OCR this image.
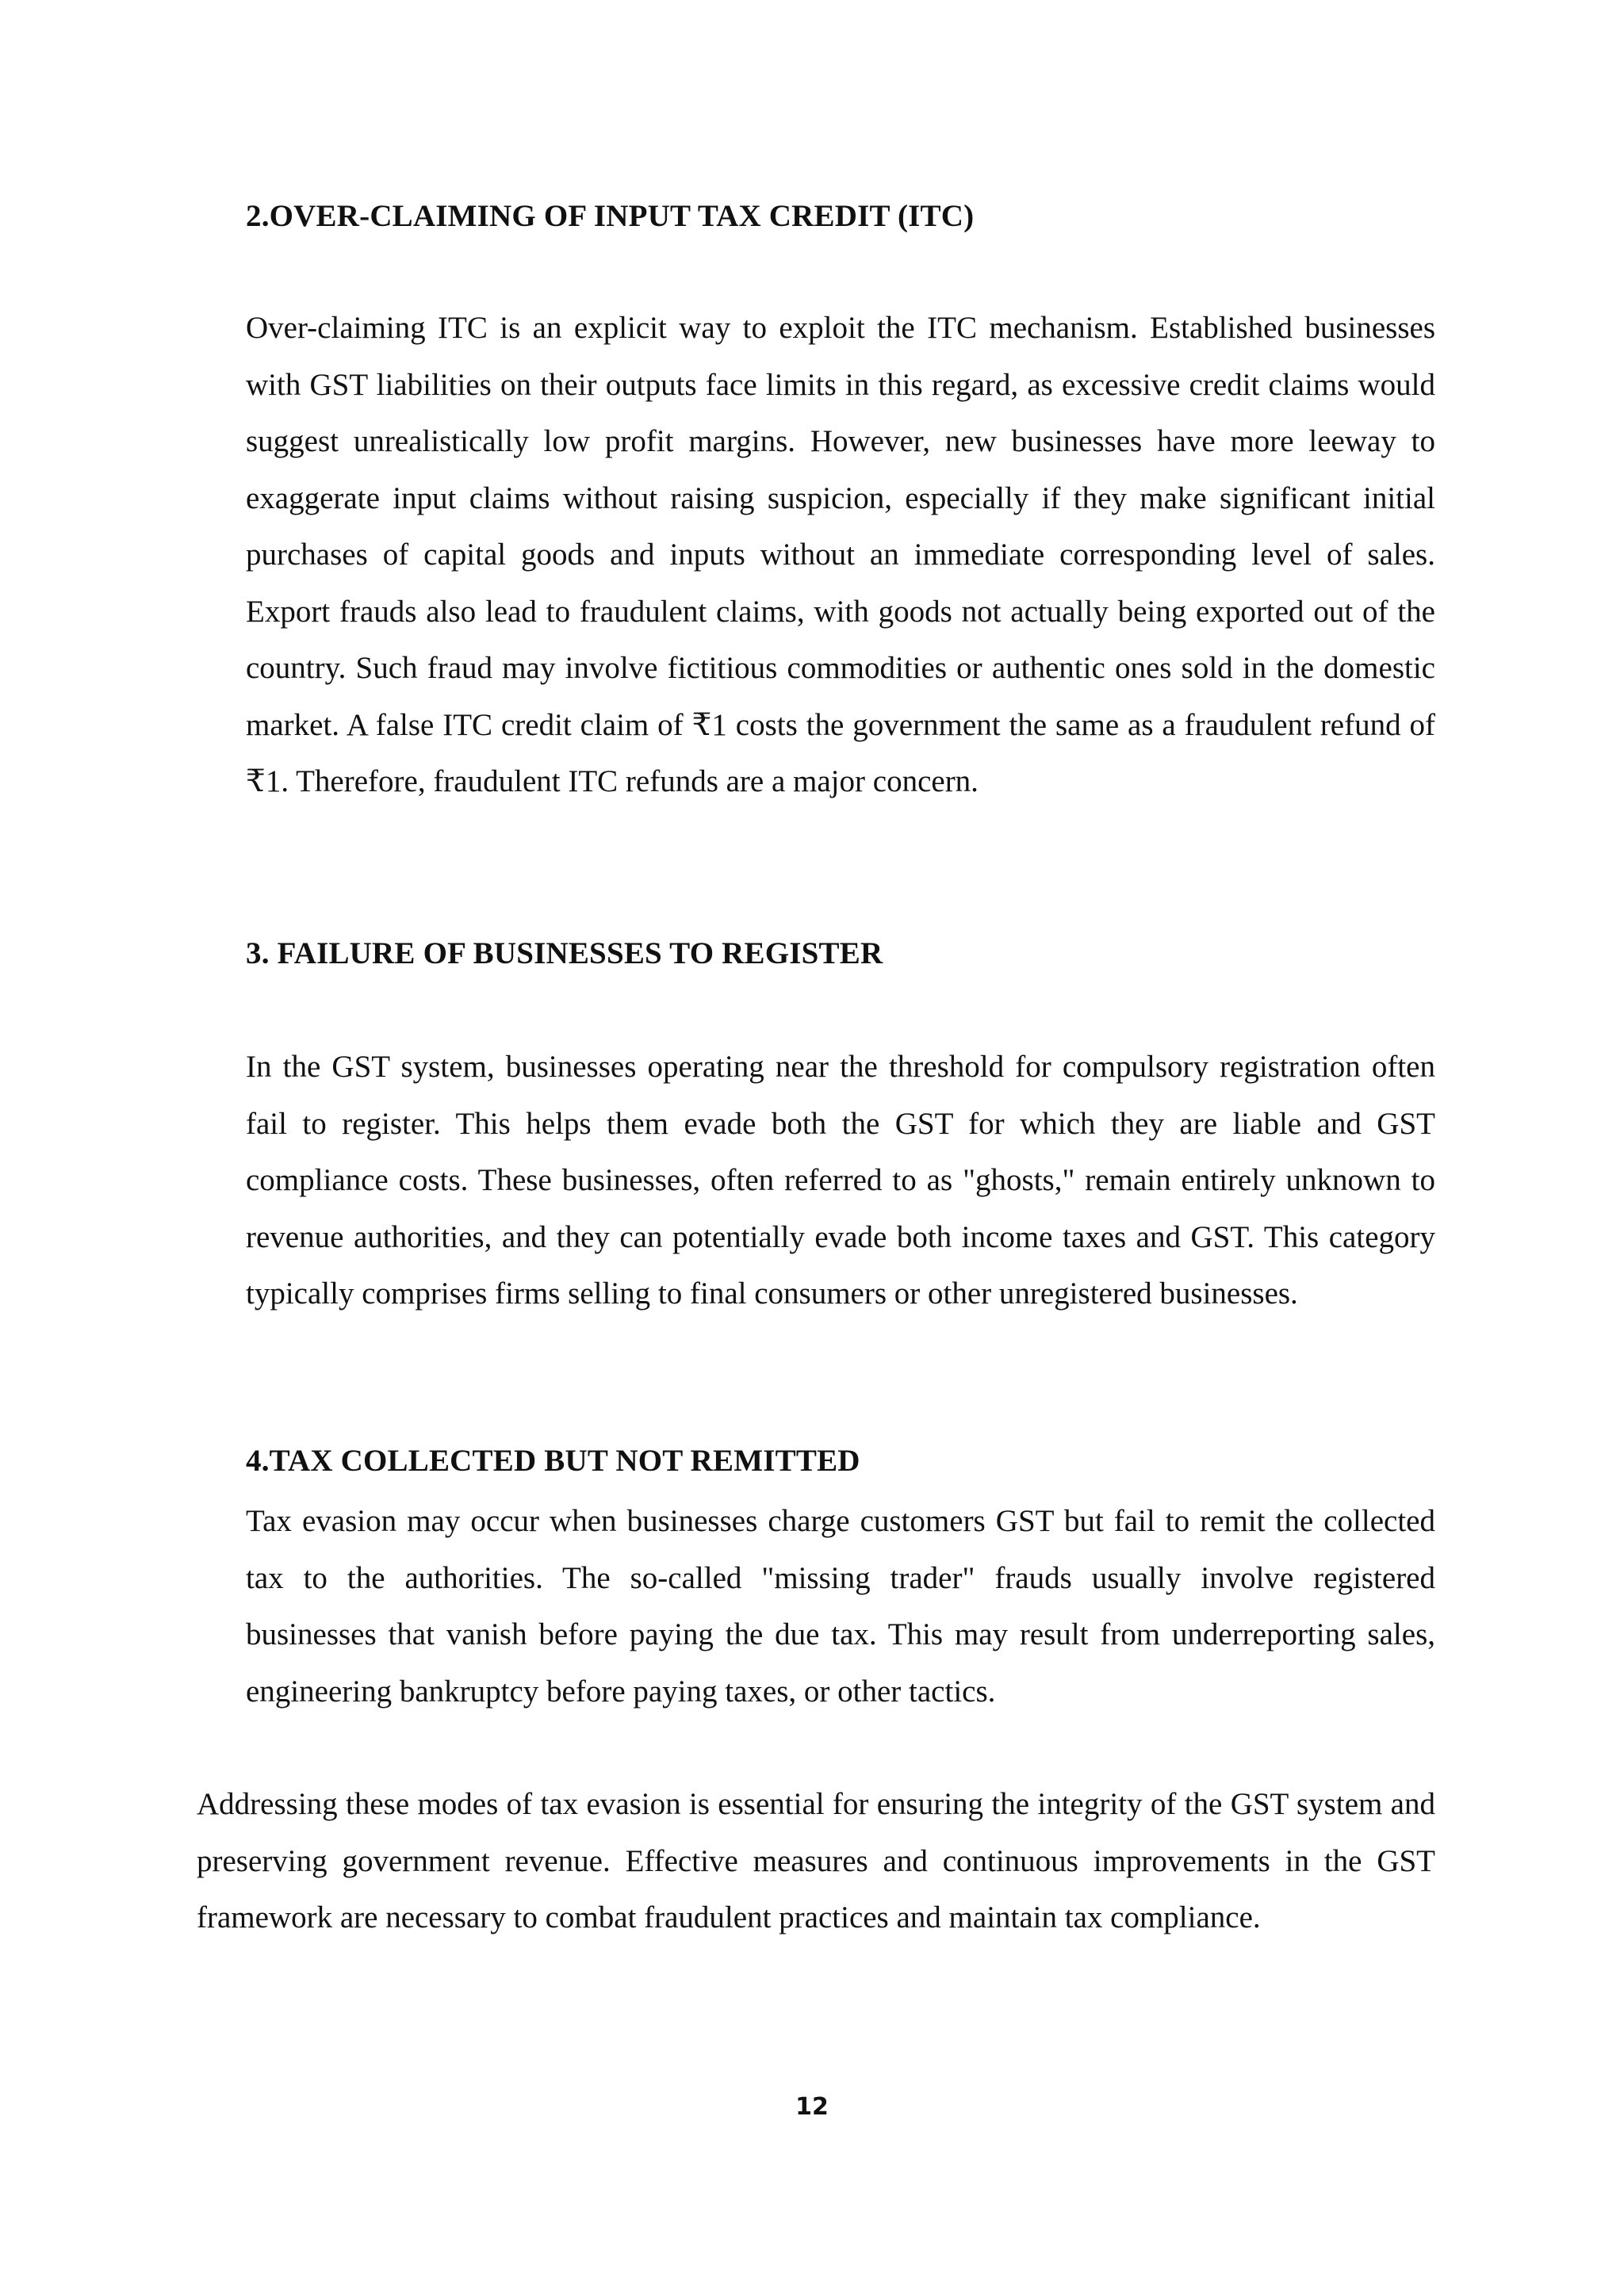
2.OVER-CLAIMING OF INPUT TAX CREDIT (ITC)

Over-claiming ITC is an explicit way to exploit the ITC mechanism. Established businesses with GST liabilities on their outputs face limits in this regard, as excessive credit claims would suggest unrealistically low profit margins. However, new businesses have more leeway to exaggerate input claims without raising suspicion, especially if they make significant initial purchases of capital goods and inputs without an immediate corresponding level of sales. Export frauds also lead to fraudulent claims, with goods not actually being exported out of the country. Such fraud may involve fictitious commodities or authentic ones sold in the domestic market. A false ITC credit claim of ₹1 costs the government the same as a fraudulent refund of ₹1. Therefore, fraudulent ITC refunds are a major concern.

3. FAILURE OF BUSINESSES TO REGISTER

In the GST system, businesses operating near the threshold for compulsory registration often fail to register. This helps them evade both the GST for which they are liable and GST compliance costs. These businesses, often referred to as "ghosts," remain entirely unknown to revenue authorities, and they can potentially evade both income taxes and GST. This category typically comprises firms selling to final consumers or other unregistered businesses.

4.TAX COLLECTED BUT NOT REMITTED

Tax evasion may occur when businesses charge customers GST but fail to remit the collected tax to the authorities. The so-called "missing trader" frauds usually involve registered businesses that vanish before paying the due tax. This may result from underreporting sales, engineering bankruptcy before paying taxes, or other tactics.

Addressing these modes of tax evasion is essential for ensuring the integrity of the GST system and preserving government revenue. Effective measures and continuous improvements in the GST framework are necessary to combat fraudulent practices and maintain tax compliance.

12
